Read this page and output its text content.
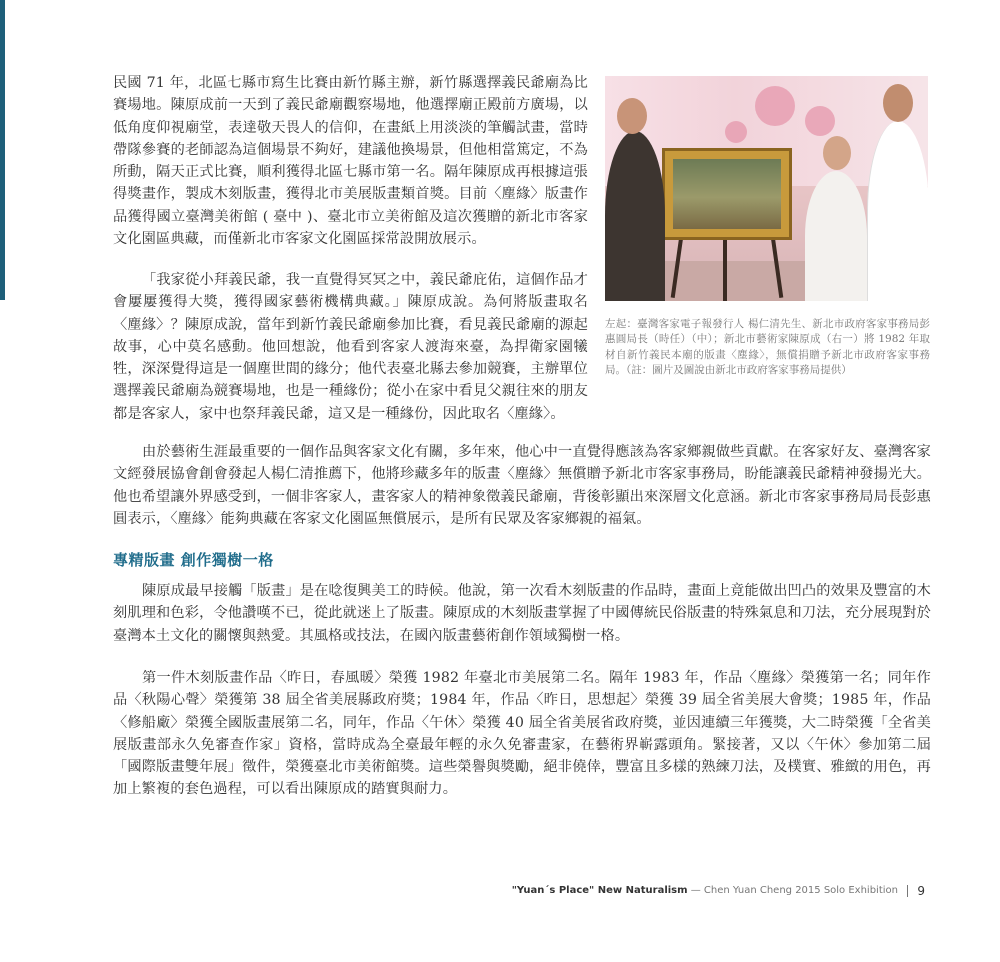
民國 71 年，北區七縣市寫生比賽由新竹縣主辦，新竹縣選擇義民爺廟為比賽場地。陳原成前一天到了義民爺廟觀察場地，他選擇廟正殿前方廣場，以低角度仰視廟堂，表達敬天畏人的信仰，在畫紙上用淡淡的筆觸試畫，當時帶隊參賽的老師認為這個場景不夠好，建議他換場景，但他相當篤定，不為所動，隔天正式比賽，順利獲得北區七縣市第一名。隔年陳原成再根據這張得獎畫作，製成木刻版畫，獲得北市美展版畫類首獎。目前〈塵緣〉版畫作品獲得國立臺灣美術館 ( 臺中 )、臺北市立美術館及這次獲贈的新北市客家文化園區典藏，而僅新北市客家文化園區採常設開放展示。

「我家從小拜義民爺，我一直覺得冥冥之中，義民爺庇佑，這個作品才會屢屢獲得大獎，獲得國家藝術機構典藏。」陳原成說。為何將版畫取名〈塵緣〉？陳原成說，當年到新竹義民爺廟參加比賽，看見義民爺廟的源起故事，心中莫名感動。他回想說，他看到客家人渡海來臺，為捍衛家園犧牲，深深覺得這是一個塵世間的緣分；他代表臺北縣去參加競賽，主辦單位選擇義民爺廟為競賽場地，也是一種緣份；從小在家中看見父親往來的朋友都是客家人，家中也祭拜義民爺，這又是一種緣份，因此取名〈塵緣〉。

左起：臺灣客家電子報發行人 楊仁清先生、新北市政府客家事務局彭惠圓局長（時任）（中）；新北市藝術家陳原成（右一）將 1982 年取材自新竹義民本廟的版畫〈塵緣〉，無償捐贈予新北市政府客家事務局。（註：圖片及圖說由新北市政府客家事務局提供）

由於藝術生涯最重要的一個作品與客家文化有關，多年來，他心中一直覺得應該為客家鄉親做些貢獻。在客家好友、臺灣客家文經發展協會創會發起人楊仁清推薦下，他將珍藏多年的版畫〈塵緣〉無償贈予新北市客家事務局，盼能讓義民爺精神發揚光大。他也希望讓外界感受到，一個非客家人，畫客家人的精神象徵義民爺廟，背後彰顯出來深層文化意涵。新北市客家事務局局長彭惠圓表示，〈塵緣〉能夠典藏在客家文化園區無償展示，是所有民眾及客家鄉親的福氣。

專精版畫 創作獨樹一格

陳原成最早接觸「版畫」是在唸復興美工的時候。他說，第一次看木刻版畫的作品時，畫面上竟能做出凹凸的效果及豐富的木刻肌理和色彩，令他讚嘆不已，從此就迷上了版畫。陳原成的木刻版畫掌握了中國傳統民俗版畫的特殊氣息和刀法，充分展現對於臺灣本土文化的關懷與熱愛。其風格或技法，在國內版畫藝術創作領域獨樹一格。

第一件木刻版畫作品〈昨日，春風暖〉榮獲 1982 年臺北市美展第二名。隔年 1983 年，作品〈塵緣〉榮獲第一名；同年作品〈秋陽心聲〉榮獲第 38 屆全省美展縣政府獎；1984 年，作品〈昨日，思想起〉榮獲 39 屆全省美展大會獎；1985 年，作品〈修船廠〉榮獲全國版畫展第二名，同年，作品〈午休〉榮獲 40 屆全省美展省政府獎，並因連續三年獲獎，大二時榮獲「全省美展版畫部永久免審查作家」資格，當時成為全臺最年輕的永久免審畫家，在藝術界嶄露頭角。緊接著，又以〈午休〉參加第二屆「國際版畫雙年展」徵件，榮獲臺北市美術館獎。這些榮譽與獎勵，絕非僥倖，豐富且多樣的熟練刀法，及樸實、雅緻的用色，再加上繁複的套色過程，可以看出陳原成的踏實與耐力。

"Yuan´s Place" New Naturalism — Chen Yuan Cheng 2015 Solo Exhibition 9
